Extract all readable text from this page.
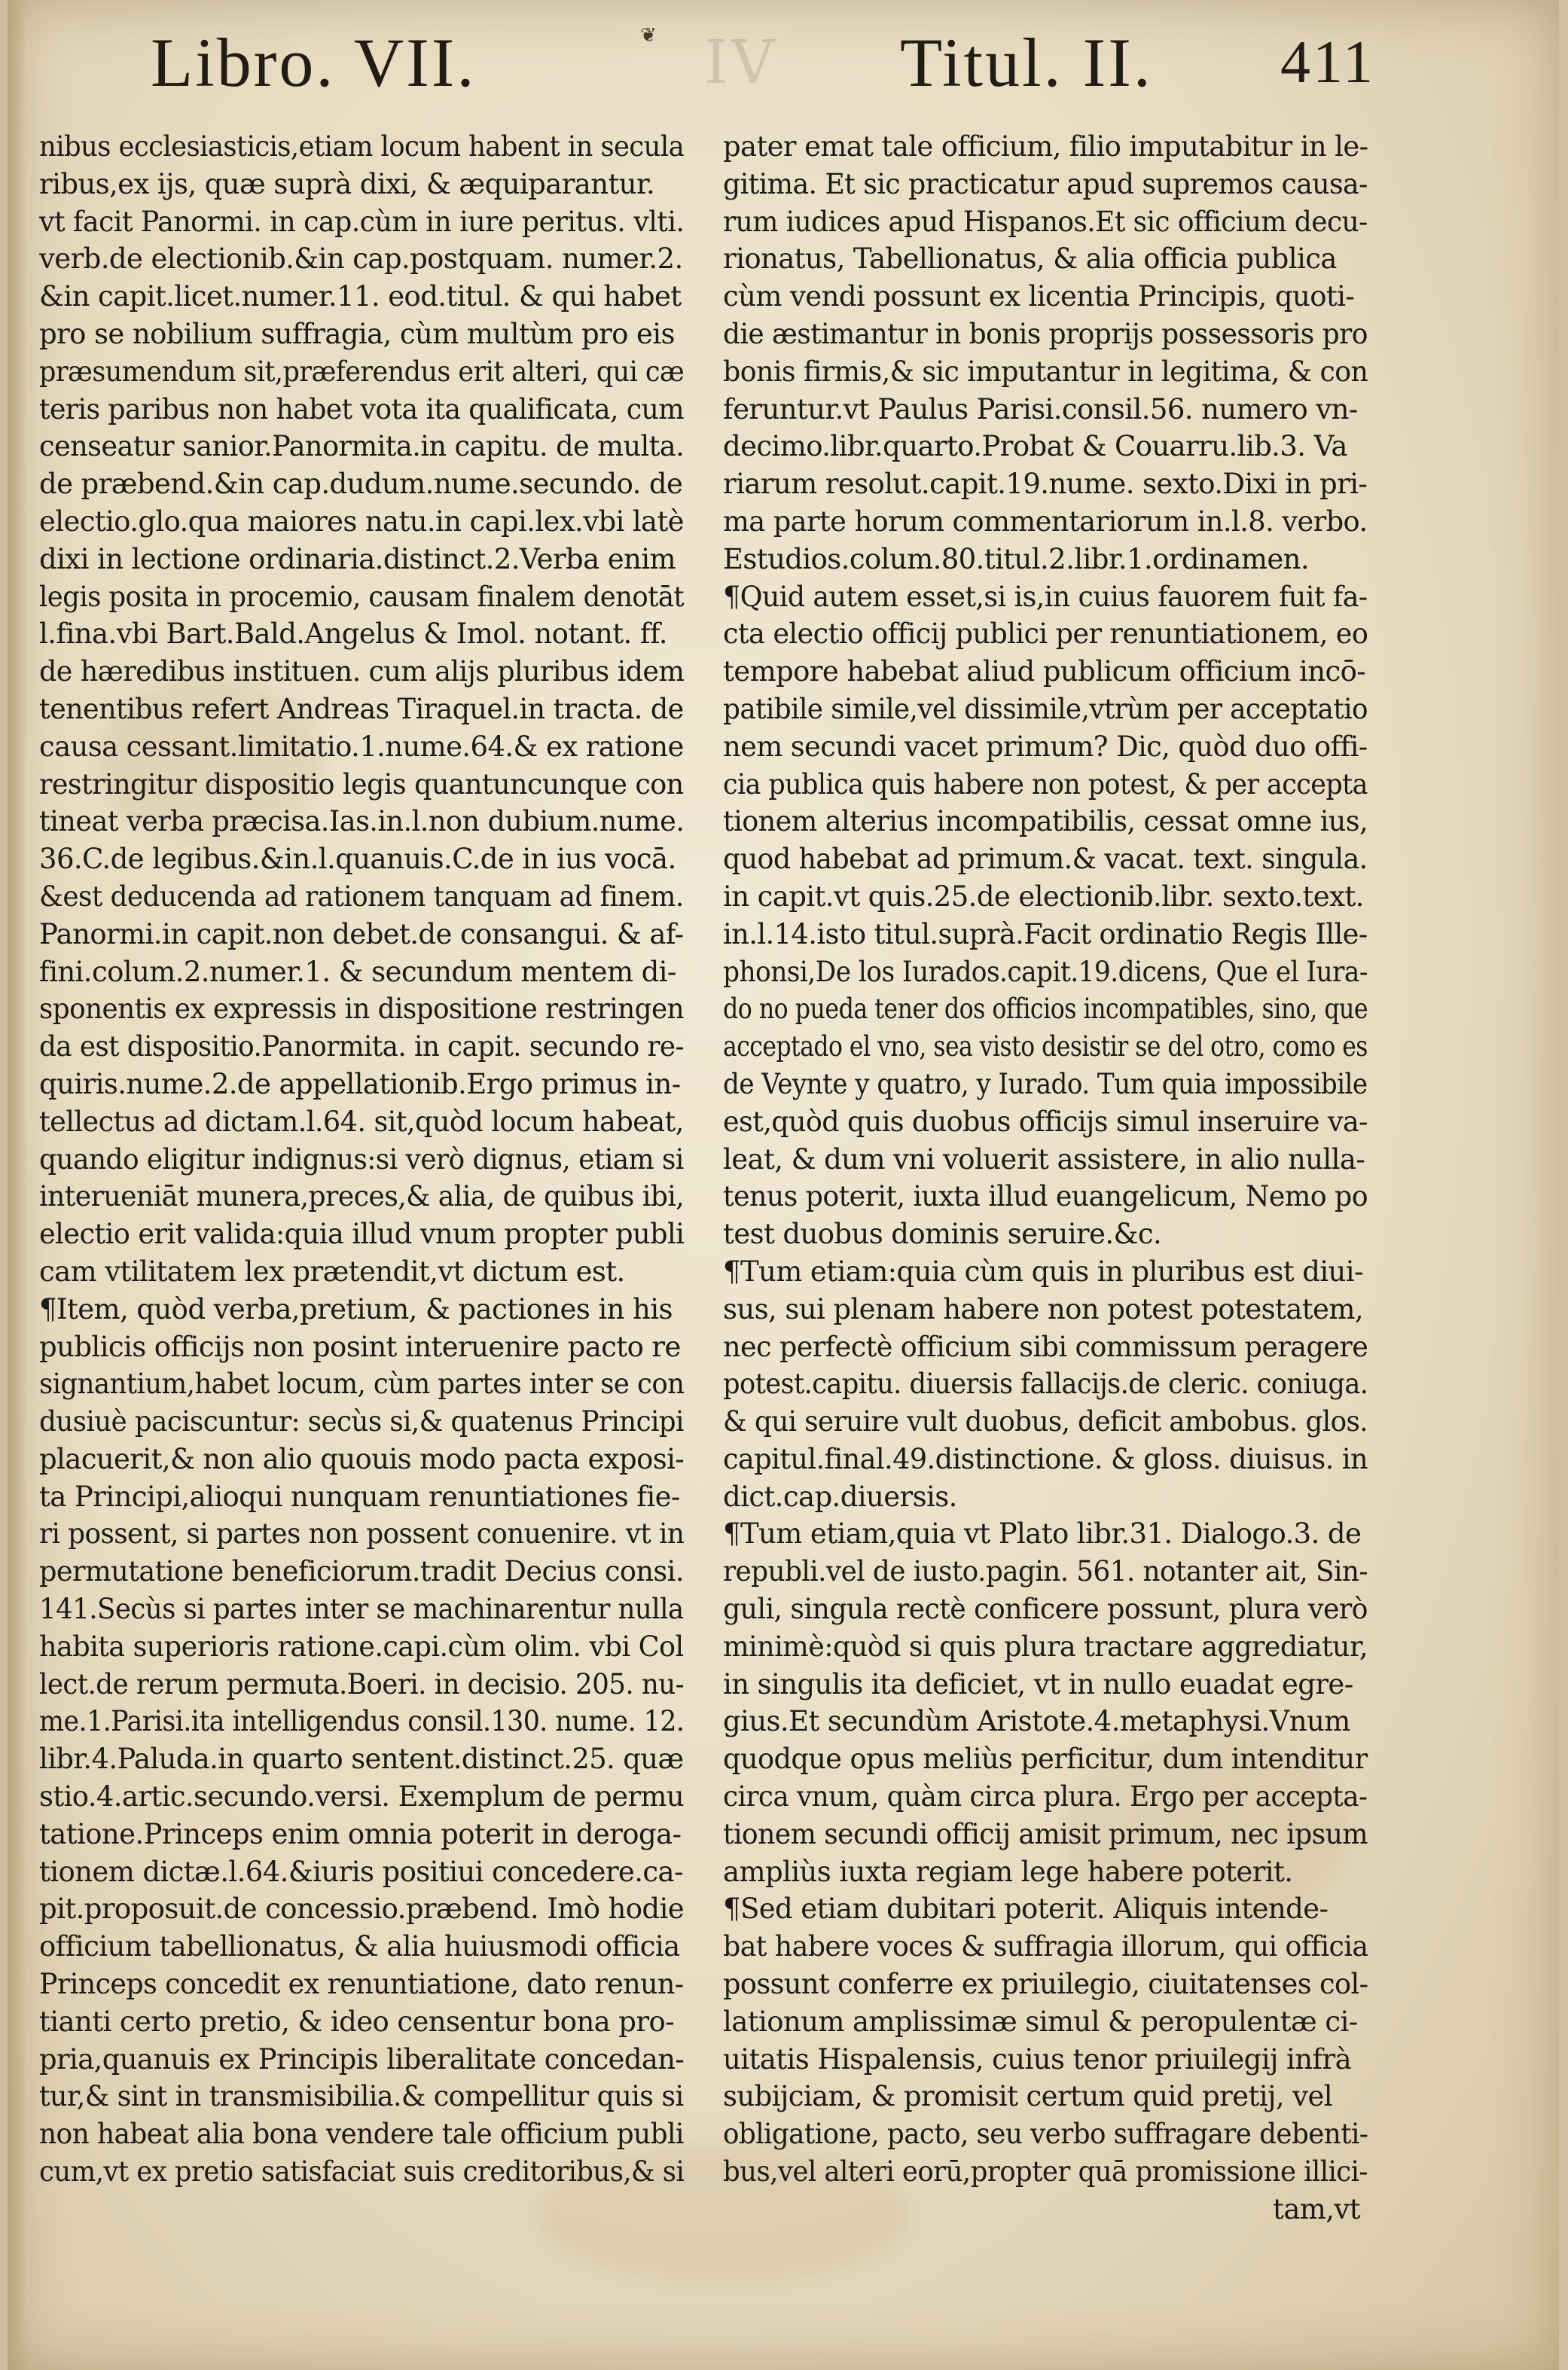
Libro. VII.	❦ IV Titul. II. 411
nibus ecclesiasticis,etiam locum habent in secula
ribus,ex ijs, quæ suprà dixi, & æquiparantur.
vt facit Panormi. in cap.cùm in iure peritus. vlti.
verb.de electionib.&in cap.postquam. numer.2.
&in capit.licet.numer.11. eod.titul. & qui habet
pro se nobilium suffragia, cùm multùm pro eis
præsumendum sit,præferendus erit alteri, qui cæ
teris paribus non habet vota ita qualificata, cum
censeatur sanior.Panormita.in capitu. de multa.
de præbend.&in cap.dudum.nume.secundo. de
electio.glo.qua maiores natu.in capi.lex.vbi latè
dixi in lectione ordinaria.distinct.2.Verba enim
legis posita in procemio, causam finalem denotāt
l.fina.vbi Bart.Bald.Angelus & Imol. notant. ff.
de hæredibus instituen. cum alijs pluribus idem
tenentibus refert Andreas Tiraquel.in tracta. de
causa cessant.limitatio.1.nume.64.& ex ratione
restringitur dispositio legis quantuncunque con
tineat verba præcisa.Ias.in.l.non dubium.nume.
36.C.de legibus.&in.l.quanuis.C.de in ius vocā.
&est deducenda ad rationem tanquam ad finem.
Panormi.in capit.non debet.de consangui. & af-
fini.colum.2.numer.1. & secundum mentem di-
sponentis ex expressis in dispositione restringen
da est dispositio.Panormita. in capit. secundo re-
quiris.nume.2.de appellationib.Ergo primus in-
tellectus ad dictam.l.64. sit,quòd locum habeat,
quando eligitur indignus:si verò dignus, etiam si
interueniāt munera,preces,& alia, de quibus ibi,
electio erit valida:quia illud vnum propter publi
cam vtilitatem lex prætendit,vt dictum est.
¶Item, quòd verba,pretium, & pactiones in his
publicis officijs non posint interuenire pacto re
signantium,habet locum, cùm partes inter se con
dusiuè paciscuntur: secùs si,& quatenus Principi
placuerit,& non alio quouis modo pacta exposi-
ta Principi,alioqui nunquam renuntiationes fie-
ri possent, si partes non possent conuenire. vt in
permutatione beneficiorum.tradit Decius consi.
141.Secùs si partes inter se machinarentur nulla
habita superioris ratione.capi.cùm olim. vbi Col
lect.de rerum permuta.Boeri. in decisio. 205. nu-
me.1.Parisi.ita intelligendus consil.130. nume. 12.
libr.4.Paluda.in quarto sentent.distinct.25. quæ
stio.4.artic.secundo.versi. Exemplum de permu
tatione.Princeps enim omnia poterit in deroga-
tionem dictæ.l.64.&iuris positiui concedere.ca-
pit.proposuit.de concessio.præbend. Imò hodie
officium tabellionatus, & alia huiusmodi officia
Princeps concedit ex renuntiatione, dato renun-
tianti certo pretio, & ideo censentur bona pro-
pria,quanuis ex Principis liberalitate concedan-
tur,& sint in transmisibilia.& compellitur quis si
non habeat alia bona vendere tale officium publi
cum,vt ex pretio satisfaciat suis creditoribus,& si
pater emat tale officium, filio imputabitur in le-
gitima. Et sic practicatur apud supremos causa-
rum iudices apud Hispanos.Et sic officium decu-
rionatus, Tabellionatus, & alia officia publica
cùm vendi possunt ex licentia Principis, quoti-
die æstimantur in bonis proprijs possessoris pro
bonis firmis,& sic imputantur in legitima, & con
feruntur.vt Paulus Parisi.consil.56. numero vn-
decimo.libr.quarto.Probat & Couarru.lib.3. Va
riarum resolut.capit.19.nume. sexto.Dixi in pri-
ma parte horum commentariorum in.l.8. verbo.
Estudios.colum.80.titul.2.libr.1.ordinamen.
¶Quid autem esset,si is,in cuius fauorem fuit fa-
cta electio officij publici per renuntiationem, eo
tempore habebat aliud publicum officium incō-
patibile simile,vel dissimile,vtrùm per acceptatio
nem secundi vacet primum? Dic, quòd duo offi-
cia publica quis habere non potest, & per accepta
tionem alterius incompatibilis, cessat omne ius,
quod habebat ad primum.& vacat. text. singula.
in capit.vt quis.25.de electionib.libr. sexto.text.
in.l.14.isto titul.suprà.Facit ordinatio Regis Ille-
phonsi,De los Iurados.capit.19.dicens, Que el Iura-
do no pueda tener dos officios incompatibles, sino, que
acceptado el vno, sea visto desistir se del otro, como es
de Veynte y quatro, y Iurado. Tum quia impossibile
est,quòd quis duobus officijs simul inseruire va-
leat, & dum vni voluerit assistere, in alio nulla-
tenus poterit, iuxta illud euangelicum, Nemo po
test duobus dominis seruire.&c.
¶Tum etiam:quia cùm quis in pluribus est diui-
sus, sui plenam habere non potest potestatem,
nec perfectè officium sibi commissum peragere
potest.capitu. diuersis fallacijs.de cleric. coniuga.
& qui seruire vult duobus, deficit ambobus. glos.
capitul.final.49.distinctione. & gloss. diuisus. in
dict.cap.diuersis.
¶Tum etiam,quia vt Plato libr.31. Dialogo.3. de
republi.vel de iusto.pagin. 561. notanter ait, Sin-
guli, singula rectè conficere possunt, plura verò
minimè:quòd si quis plura tractare aggrediatur,
in singulis ita deficiet, vt in nullo euadat egre-
gius.Et secundùm Aristote.4.metaphysi.Vnum
quodque opus meliùs perficitur, dum intenditur
circa vnum, quàm circa plura. Ergo per accepta-
tionem secundi officij amisit primum, nec ipsum
ampliùs iuxta regiam lege habere poterit.
¶Sed etiam dubitari poterit. Aliquis intende-
bat habere voces & suffragia illorum, qui officia
possunt conferre ex priuilegio, ciuitatenses col-
lationum amplissimæ simul & peropulentæ ci-
uitatis Hispalensis, cuius tenor priuilegij infrà
subijciam, & promisit certum quid pretij, vel
obligatione, pacto, seu verbo suffragare debenti-
bus,vel alteri eorū,propter quā promissione illici-
tam,vt
